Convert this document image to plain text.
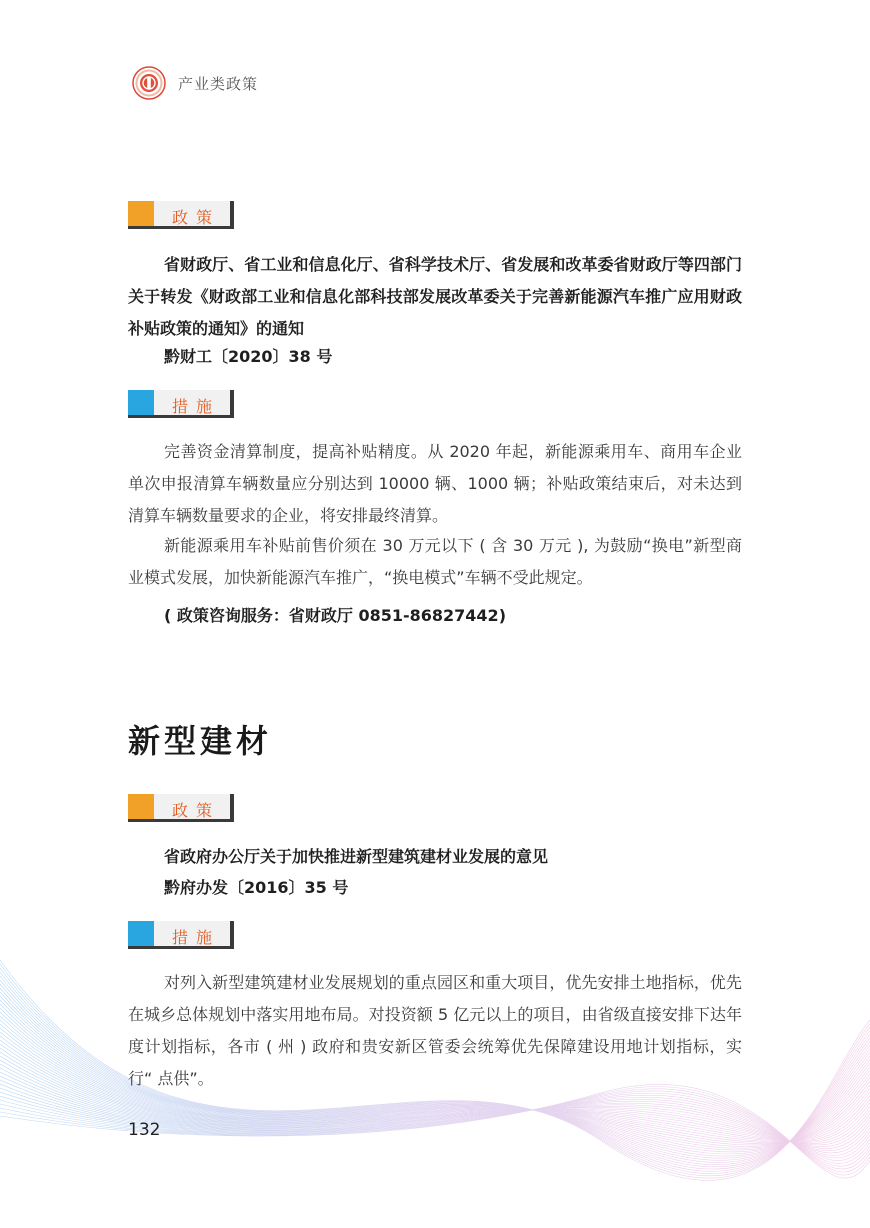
产业类政策
政策
省财政厅、省工业和信息化厅、省科学技术厅、省发展和改革委省财政厅等四部门关于转发《财政部工业和信息化部科技部发展改革委关于完善新能源汽车推广应用财政补贴政策的通知》的通知
黔财工〔2020〕38 号
措施
完善资金清算制度，提高补贴精度。从 2020 年起，新能源乘用车、商用车企业单次申报清算车辆数量应分别达到 10000 辆、1000 辆；补贴政策结束后，对未达到清算车辆数量要求的企业，将安排最终清算。
新能源乘用车补贴前售价须在 30 万元以下 ( 含 30 万元 ), 为鼓励“换电”新型商业模式发展，加快新能源汽车推广，“换电模式”车辆不受此规定。
( 政策咨询服务：省财政厅 0851-86827442)
新型建材
政策
省政府办公厅关于加快推进新型建筑建材业发展的意见
黔府办发〔2016〕35 号
措施
对列入新型建筑建材业发展规划的重点园区和重大项目，优先安排土地指标，优先在城乡总体规划中落实用地布局。对投资额 5 亿元以上的项目，由省级直接安排下达年度计划指标，各市 ( 州 ) 政府和贵安新区管委会统筹优先保障建设用地计划指标，实行“ 点供”。
132
